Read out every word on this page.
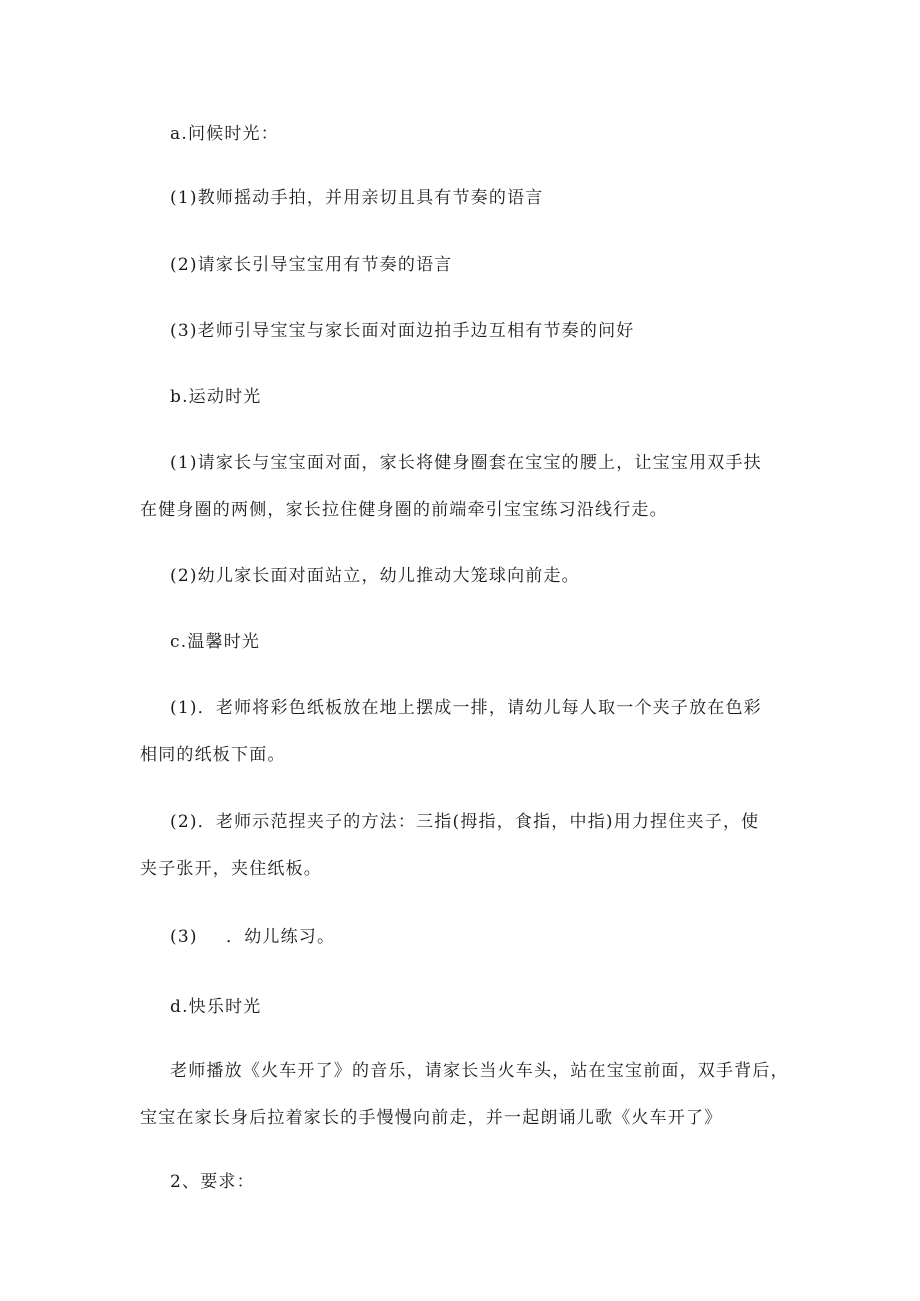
a.问候时光：
(1)教师摇动手拍，并用亲切且具有节奏的语言
(2)请家长引导宝宝用有节奏的语言
(3)老师引导宝宝与家长面对面边拍手边互相有节奏的问好
b.运动时光
(1)请家长与宝宝面对面，家长将健身圈套在宝宝的腰上，让宝宝用双手扶
在健身圈的两侧，家长拉住健身圈的前端牵引宝宝练习沿线行走。
(2)幼儿家长面对面站立，幼儿推动大笼球向前走。
c.温馨时光
(1)．老师将彩色纸板放在地上摆成一排，请幼儿每人取一个夹子放在色彩
相同的纸板下面。
(2)．老师示范捏夹子的方法：三指(拇指，食指，中指)用力捏住夹子，使
夹子张开，夹住纸板。
(3) ．幼儿练习。
d.快乐时光
老师播放《火车开了》的音乐，请家长当火车头，站在宝宝前面，双手背后，
宝宝在家长身后拉着家长的手慢慢向前走，并一起朗诵儿歌《火车开了》
2、要求：
